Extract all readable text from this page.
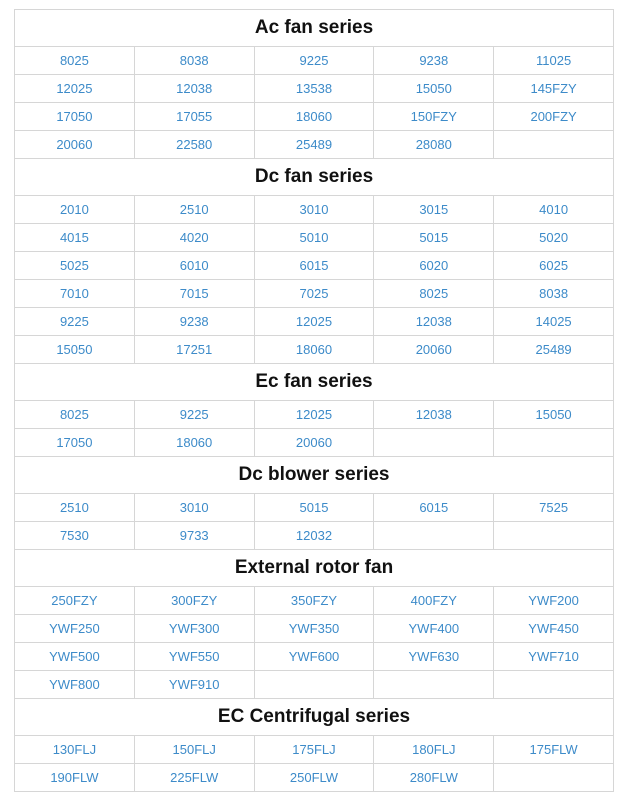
Ac fan series				
8025	8038	9225	9238	11025
12025	12038	13538	15050	145FZY
17050	17055	18060	150FZY	200FZY
20060	22580	25489	28080	
Dc fan series				
2010	2510	3010	3015	4010
4015	4020	5010	5015	5020
5025	6010	6015	6020	6025
7010	7015	7025	8025	8038
9225	9238	12025	12038	14025
15050	17251	18060	20060	25489
Ec fan series				
8025	9225	12025	12038	15050
17050	18060	20060		
Dc blower series				
2510	3010	5015	6015	7525
7530	9733	12032		
External rotor fan				
250FZY	300FZY	350FZY	400FZY	YWF200
YWF250	YWF300	YWF350	YWF400	YWF450
YWF500	YWF550	YWF600	YWF630	YWF710
YWF800	YWF910			
EC Centrifugal series				
130FLJ	150FLJ	175FLJ	180FLJ	175FLW
190FLW	225FLW	250FLW	280FLW	
